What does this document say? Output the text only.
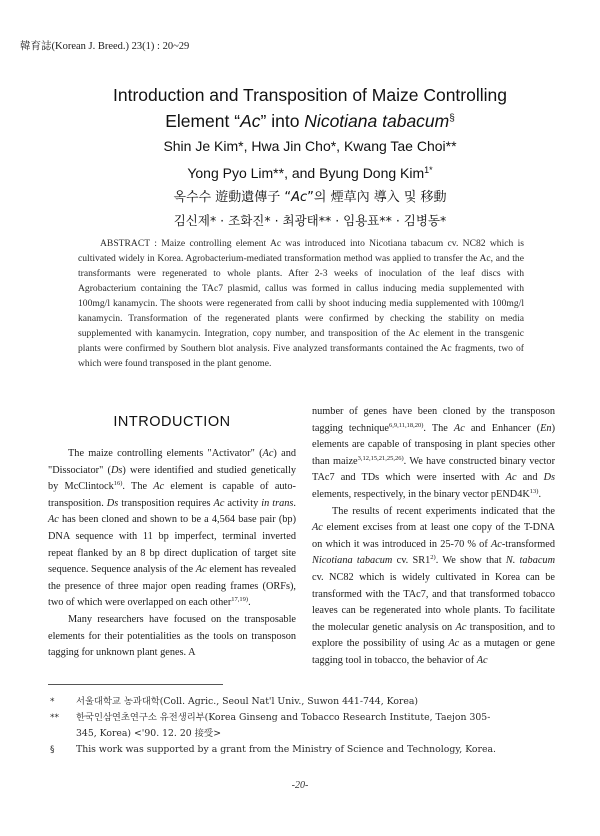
韓育誌(Korean J. Breed.) 23(1) : 20~29
Introduction and Transposition of Maize Controlling
Element “Ac” into Nicotiana tabacum§
Shin Je Kim*, Hwa Jin Cho*, Kwang Tae Choi**
Yong Pyo Lim**, and Byung Dong Kim$^{1*}$
옥수수 遊動遺傳子 “Ac”의 煙草內 導入 및 移動
김신제* · 조화진* · 최광태** · 임용표** · 김병동*
ABSTRACT : Maize controlling element Ac was introduced into Nicotiana tabacum cv. NC82 which is cultivated widely in Korea. Agrobacterium-mediated transformation method was applied to transfer the Ac, and the transformants were regenerated to whole plants. After 2-3 weeks of inoculation of the leaf discs with Agrobacterium containing the TAc7 plasmid, callus was formed in callus inducing media supplemented with 100mg/l kanamycin. The shoots were regenerated from calli by shoot inducing media supplemented with 100mg/l kanamycin. Transformation of the regenerated plants were confirmed by checking the stability on media supplemented with kanamycin. Integration, copy number, and transposition of the Ac element in the transgenic plants were confirmed by Southern blot analysis. Five analyzed transformants contained the Ac fragments, two of which were found transposed in the plant genome.
INTRODUCTION

The maize controlling elements "Activator" (Ac) and "Dissociator" (Ds) were identified and studied genetically by McClintock$^{16)}$. The Ac element is capable of auto-transposition. Ds transposition requires Ac activity in trans. Ac has been cloned and shown to be a 4,564 base pair (bp) DNA sequence with 11 bp imperfect, terminal inverted repeat flanked by an 8 bp direct duplication of target site sequence. Sequence analysis of the Ac element has revealed the presence of three major open reading frames (ORFs), two of which were overlapped on each other$^{17,19)}$.

Many researchers have focused on the transposable elements for their potentialities as the tools on transposon tagging for unknown plant genes. A

number of genes have been cloned by the transposon tagging technique$^{6,9,11,18,20)}$. The Ac and Enhancer (En) elements are capable of transposing in plant species other than maize$^{3,12,15,21,25,26)}$. We have constructed binary vector TAc7 and TDs which were inserted with Ac and Ds elements, respectively, in the binary vector $pEND4K^{13)}$.

The results of recent experiments indicated that the Ac element excises from at least one copy of the T-DNA on which it was introduced in 25-70 % of Ac-transformed Nicotiana tabacum cv. SR1$^{2)}$. We show that N. tabacum cv. NC82 which is widely cultivated in Korea can be transformed with the TAc7, and that transformed tobacco leaves can be regenerated into whole plants. To facilitate the molecular genetic analysis on Ac transposition, and to explore the possibility of using Ac as a mutagen or gene tagging tool in tobacco, the behavior of Ac

*	서울대학교 농과대학(Coll. Agric., Seoul Nat'l Univ., Suwon 441-744, Korea)
**	한국인삼연초연구소 유전생리부(Korea Ginseng and Tobacco Research Institute, Taejon 305-
345, Korea) <'90. 12. 20 接受>
§	This work was supported by a grant from the Ministry of Science and Technology, Korea.
-20-
